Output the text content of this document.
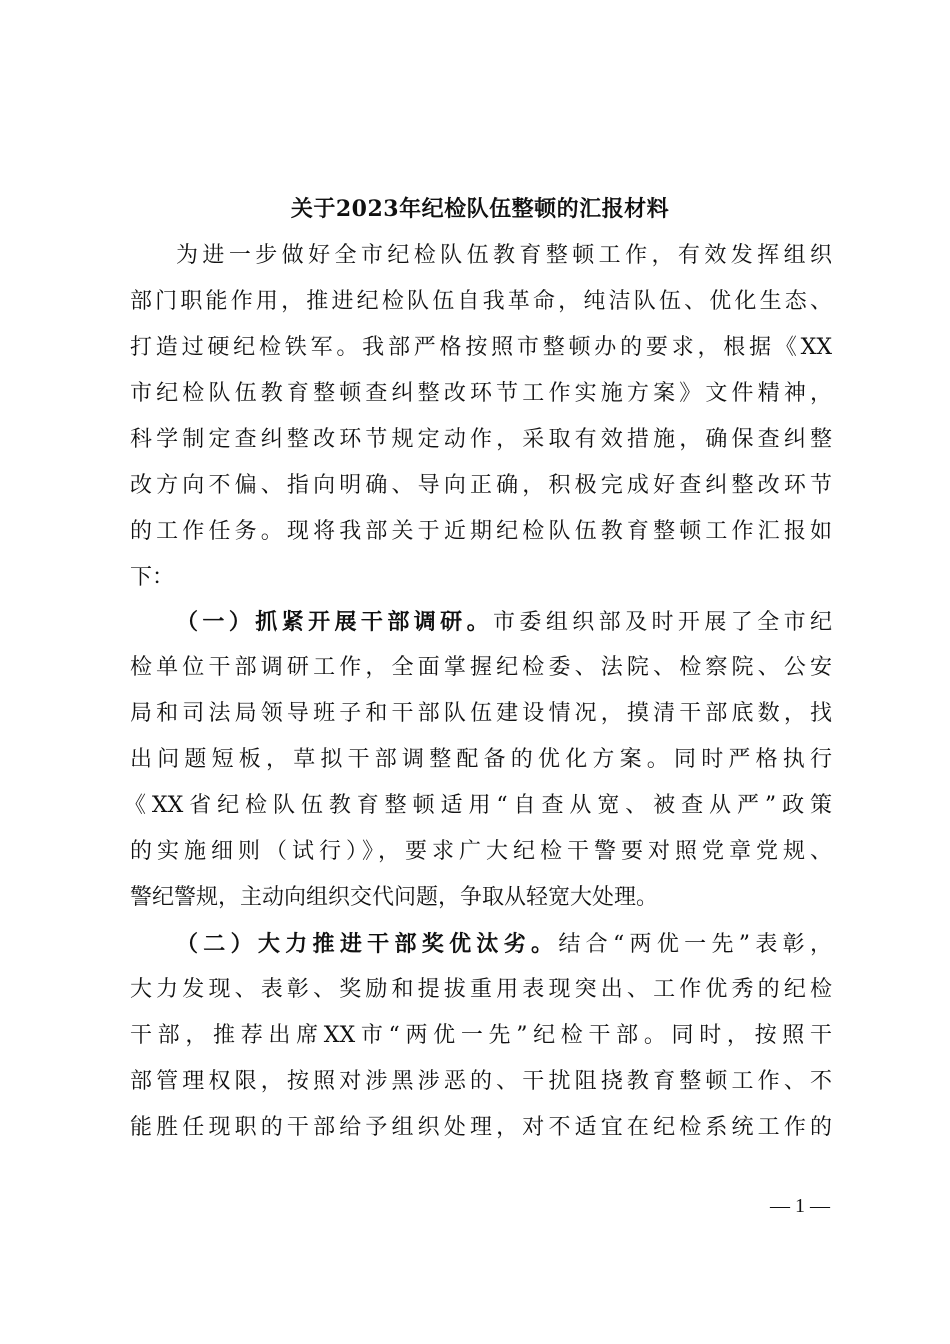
关于2023年纪检队伍整顿的汇报材料
为进一步做好全市纪检队伍教育整顿工作，有效发挥组织
部门职能作用，推进纪检队伍自我革命，纯洁队伍、优化生态、
打造过硬纪检铁军。我部严格按照市整顿办的要求，根据《XX
市纪检队伍教育整顿查纠整改环节工作实施方案》文件精神，
科学制定查纠整改环节规定动作，采取有效措施，确保查纠整
改方向不偏、指向明确、导向正确，积极完成好查纠整改环节
的工作任务。现将我部关于近期纪检队伍教育整顿工作汇报如
下：
（一）抓紧开展干部调研。市委组织部及时开展了全市纪
检单位干部调研工作，全面掌握纪检委、法院、检察院、公安
局和司法局领导班子和干部队伍建设情况，摸清干部底数，找
出问题短板，草拟干部调整配备的优化方案。同时严格执行
《XX省纪检队伍教育整顿适用“自查从宽、被查从严”政策
的实施细则（试行）》，要求广大纪检干警要对照党章党规、
警纪警规，主动向组织交代问题，争取从轻宽大处理。
（二）大力推进干部奖优汰劣。结合“两优一先”表彰，
大力发现、表彰、奖励和提拔重用表现突出、工作优秀的纪检
干部，推荐出席XX市“两优一先”纪检干部。同时，按照干
部管理权限，按照对涉黑涉恶的、干扰阻挠教育整顿工作、不
能胜任现职的干部给予组织处理，对不适宜在纪检系统工作的
— 1 —
